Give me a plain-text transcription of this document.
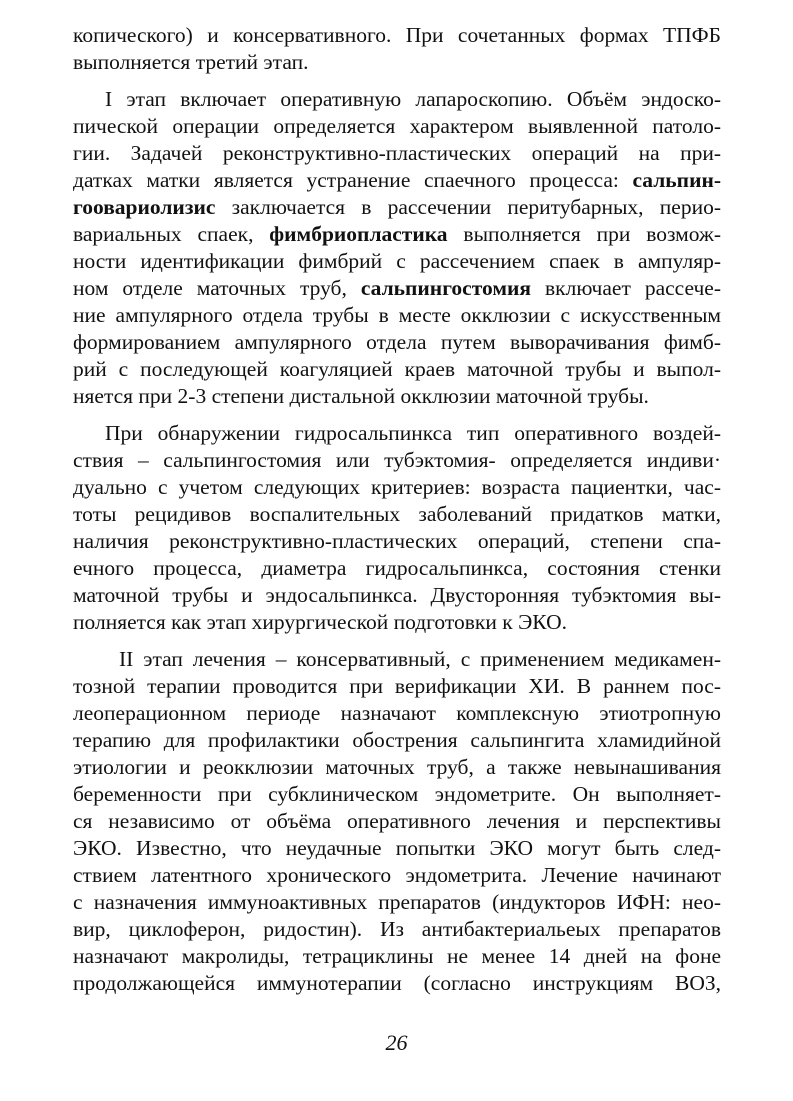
копического) и консервативного. При сочетанных формах ТПФБ
выполняется третий этап.
I этап включает оперативную лапароскопию. Объём эндоско-
пической операции определяется характером выявленной патоло-
гии. Задачей реконструктивно-пластических операций на при-
датках матки является устранение спаечного процесса: сальпин-
гоовариолизис заключается в рассечении перитубарных, перио-
вариальных спаек, фимбриопластика выполняется при возмож-
ности идентификации фимбрий с рассечением спаек в ампуляр-
ном отделе маточных труб, сальпингостомия включает рассече-
ние ампулярного отдела трубы в месте окклюзии с искусственным
формированием ампулярного отдела путем выворачивания фимб-
рий с последующей коагуляцией краев маточной трубы и выпол-
няется при 2-3 степени дистальной окклюзии маточной трубы.
При обнаружении гидросальпинкса тип оперативного воздей-
ствия – сальпингостомия или тубэктомия- определяется индиви·
дуально с учетом следующих критериев: возраста пациентки, час-
тоты рецидивов воспалительных заболеваний придатков матки,
наличия реконструктивно-пластических операций, степени спа-
ечного процесса, диаметра гидросальпинкса, состояния стенки
маточной трубы и эндосальпинкса. Двусторонняя тубэктомия вы-
полняется как этап хирургической подготовки к ЭКО.
II этап лечения – консервативный, с применением медикамен-
тозной терапии проводится при верификации ХИ. В раннем пос-
леоперационном периоде назначают комплексную этиотропную
терапию для профилактики обострения сальпингита хламидийной
этиологии и реокклюзии маточных труб, а также невынашивания
беременности при субклиническом эндометрите. Он выполняет-
ся независимо от объёма оперативного лечения и перспективы
ЭКО. Известно, что неудачные попытки ЭКО могут быть след-
ствием латентного хронического эндометрита. Лечение начинают
с назначения иммуноактивных препаратов (индукторов ИФН: нео-
вир, циклоферон, ридостин). Из антибактериальеых препаратов
назначают макролиды, тетрациклины не менее 14 дней на фоне
продолжающейся иммунотерапии (согласно инструкциям ВОЗ,
26
